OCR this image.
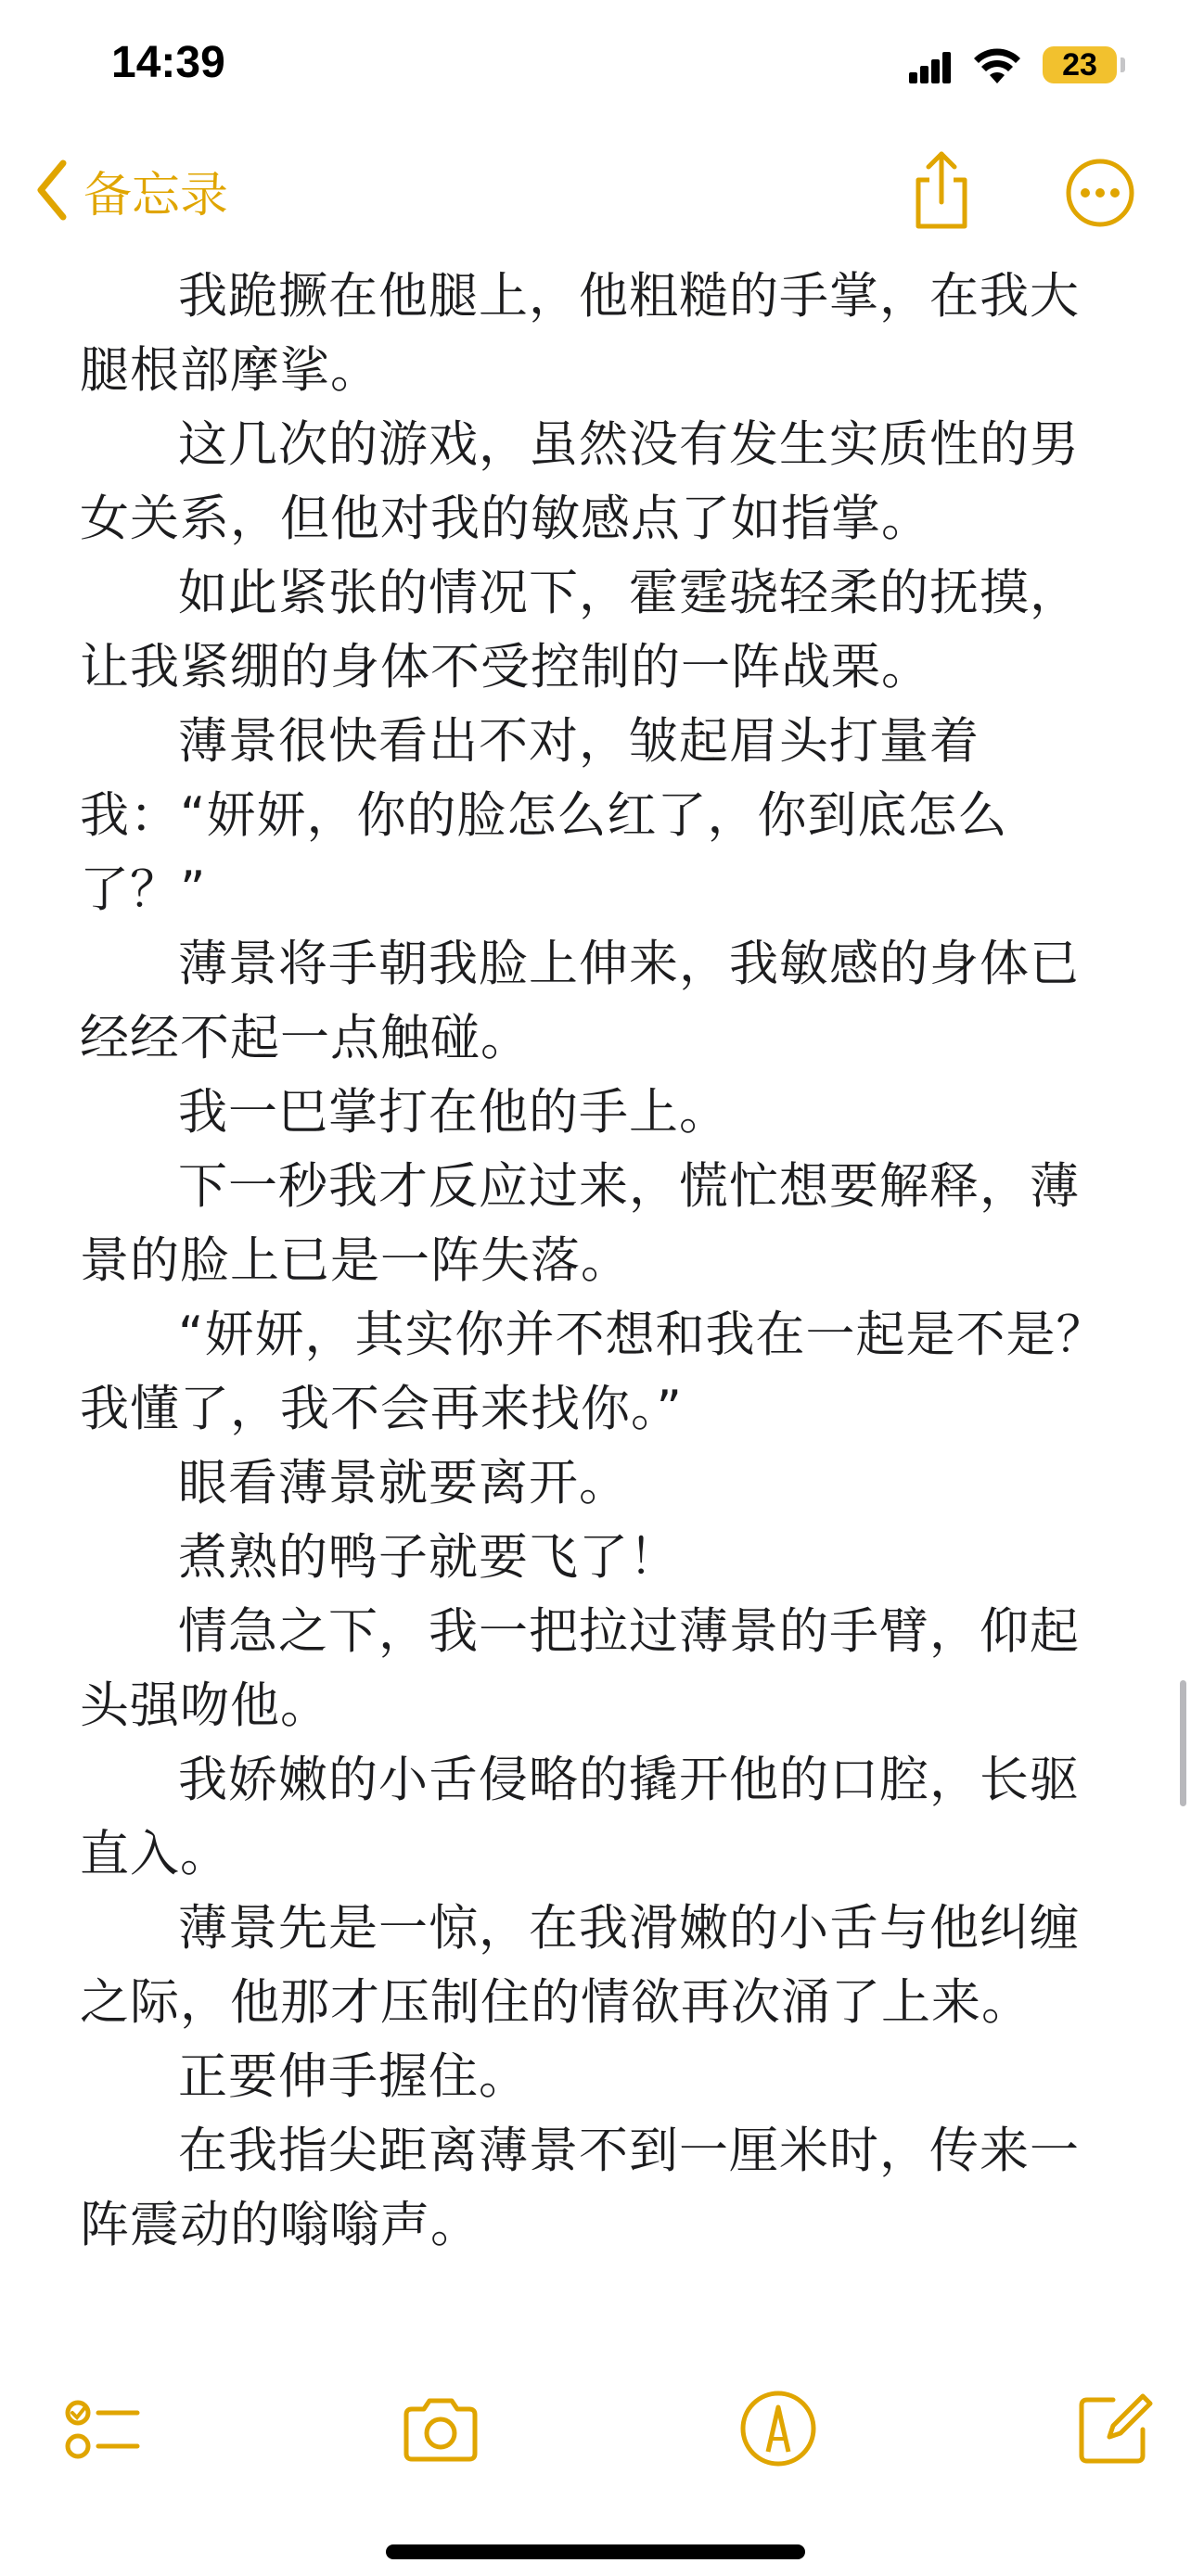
14:39	23
备忘录

我跪撅在他腿上，他粗糙的手掌，在我大腿根部摩挲。

这几次的游戏，虽然没有发生实质性的男女关系，但他对我的敏感点了如指掌。

如此紧张的情况下，霍霆骁轻柔的抚摸，让我紧绷的身体不受控制的一阵战栗。

薄景很快看出不对，皱起眉头打量着我：“妍妍，你的脸怎么红了，你到底怎么了？”

薄景将手朝我脸上伸来，我敏感的身体已经经不起一点触碰。

我一巴掌打在他的手上。

下一秒我才反应过来，慌忙想要解释，薄景的脸上已是一阵失落。

“妍妍，其实你并不想和我在一起是不是？我懂了，我不会再来找你。”

眼看薄景就要离开。

煮熟的鸭子就要飞了！

情急之下，我一把拉过薄景的手臂，仰起头强吻他。

我娇嫩的小舌侵略的撬开他的口腔，长驱直入。

薄景先是一惊，在我滑嫩的小舌与他纠缠之际，他那才压制住的情欲再次涌了上来。

正要伸手握住。

在我指尖距离薄景不到一厘米时，传来一阵震动的嗡嗡声。
